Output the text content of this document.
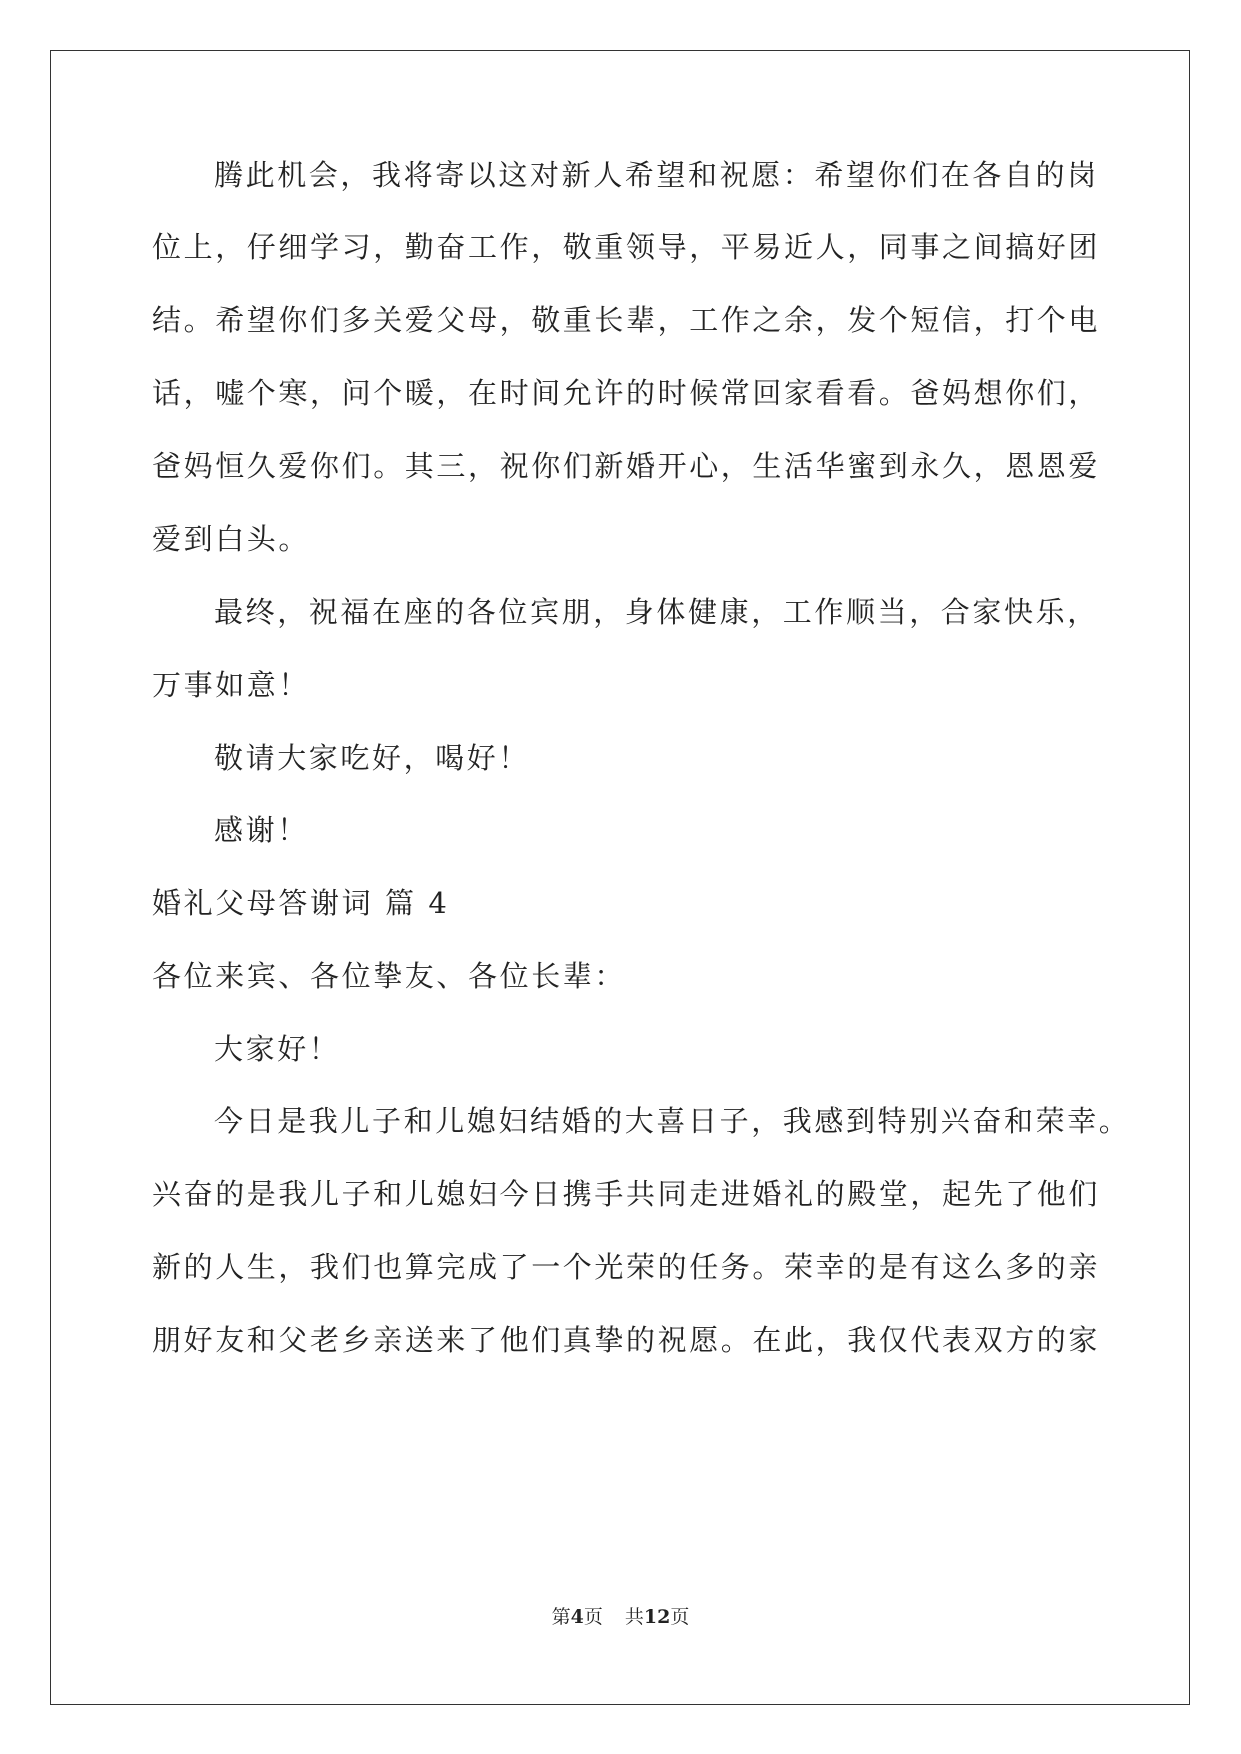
腾此机会，我将寄以这对新人希望和祝愿：希望你们在各自的岗
位上，仔细学习，勤奋工作，敬重领导，平易近人，同事之间搞好团
结。希望你们多关爱父母，敬重长辈，工作之余，发个短信，打个电
话，嘘个寒，问个暖，在时间允许的时候常回家看看。爸妈想你们，
爸妈恒久爱你们。其三，祝你们新婚开心，生活华蜜到永久，恩恩爱
爱到白头。
最终，祝福在座的各位宾朋，身体健康，工作顺当，合家快乐，
万事如意！
敬请大家吃好，喝好！
感谢！
婚礼父母答谢词 篇 4
各位来宾、各位挚友、各位长辈：
大家好！
今日是我儿子和儿媳妇结婚的大喜日子，我感到特别兴奋和荣幸。
兴奋的是我儿子和儿媳妇今日携手共同走进婚礼的殿堂，起先了他们
新的人生，我们也算完成了一个光荣的任务。荣幸的是有这么多的亲
朋好友和父老乡亲送来了他们真挚的祝愿。在此，我仅代表双方的家
第4页 共12页
